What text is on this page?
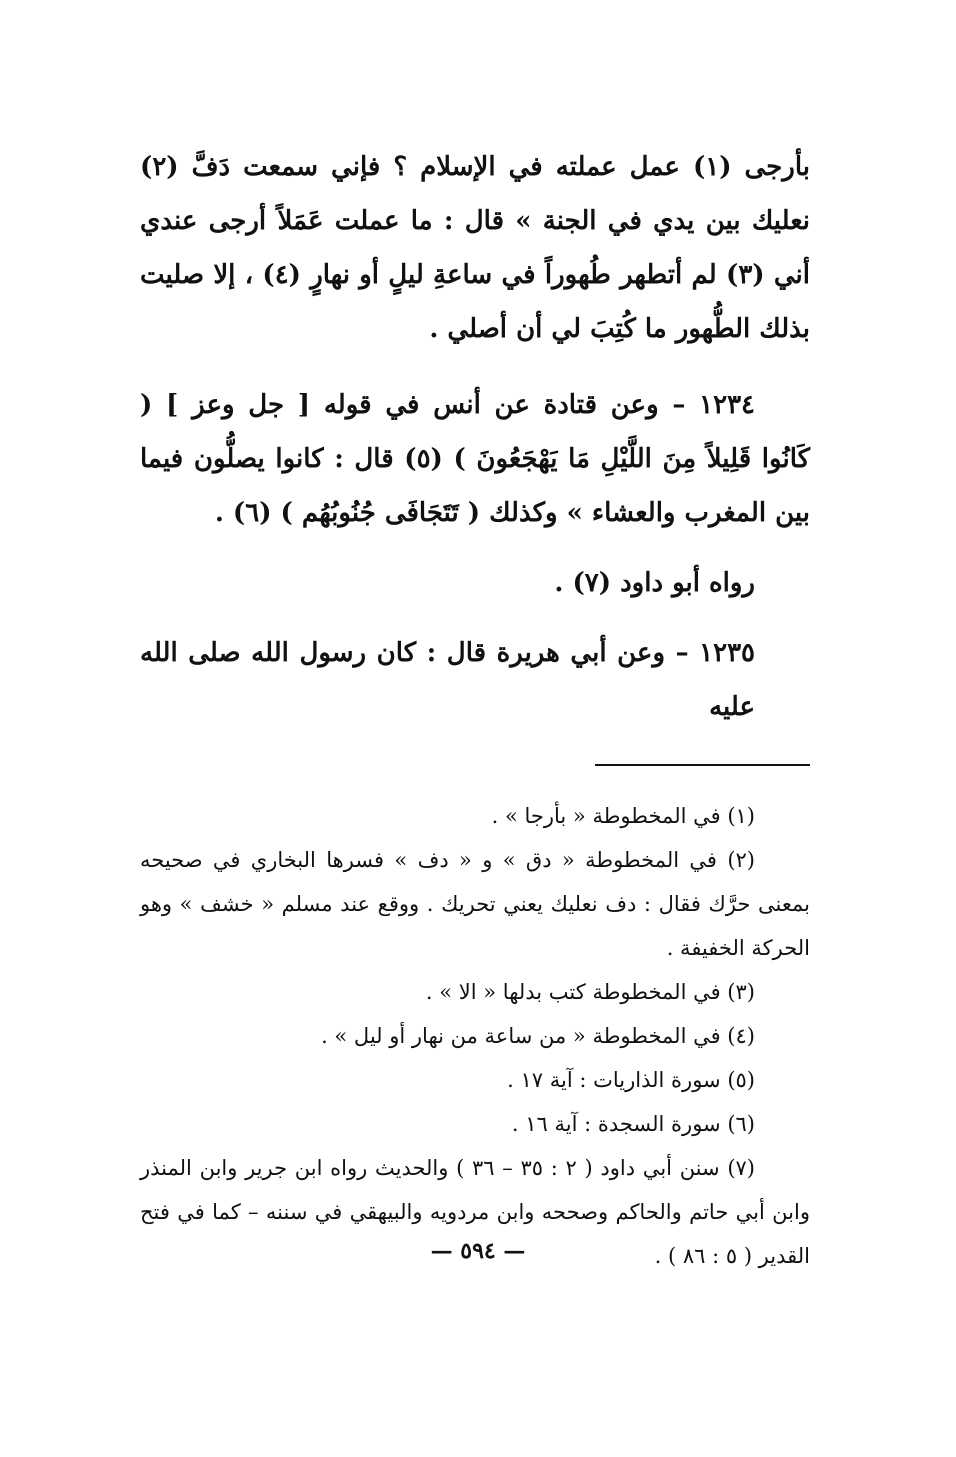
بأرجى (١) عمل عملته في الإسلام ؟ فإني سمعت دَفَّ (٢) نعليك بين يدي في الجنة » قال : ما عملت عَمَلاً أرجى عندي أني (٣) لم أتطهر طُهوراً في ساعةِ ليلٍ أو نهارٍ (٤) ، إلا صليت بذلك الطُّهور ما كُتِبَ لي أن أصلي .

١٢٣٤ – وعن قتادة عن أنس في قوله [ جل وعز ] ( كَانُوا قَلِيلاً مِنَ اللَّيْلِ مَا يَهْجَعُونَ ) (٥) قال : كانوا يصلُّون فيما بين المغرب والعشاء » وكذلك ( تَتَجَافَى جُنُوبُهُم ) (٦) .

رواه أبو داود (٧) .

١٢٣٥ – وعن أبي هريرة قال : كان رسول الله صلى الله عليه

(١) في المخطوطة « بأرجا » .

(٢) في المخطوطة « دق » و « دف » فسرها البخاري في صحيحه بمعنى حرَّك فقال : دف نعليك يعني تحريك . ووقع عند مسلم « خشف » وهو الحركة الخفيفة .

(٣) في المخطوطة كتب بدلها « الا » .

(٤) في المخطوطة « من ساعة من نهار أو ليل » .

(٥) سورة الذاريات : آية ١٧ .

(٦) سورة السجدة : آية ١٦ .

(٧) سنن أبي داود ( ٢ : ٣٥ – ٣٦ ) والحديث رواه ابن جرير وابن المنذر وابن أبي حاتم والحاكم وصححه وابن مردويه والبيهقي في سننه – كما في فتح القدير ( ٥ : ٨٦ ) .

— ٥٩٤ —
